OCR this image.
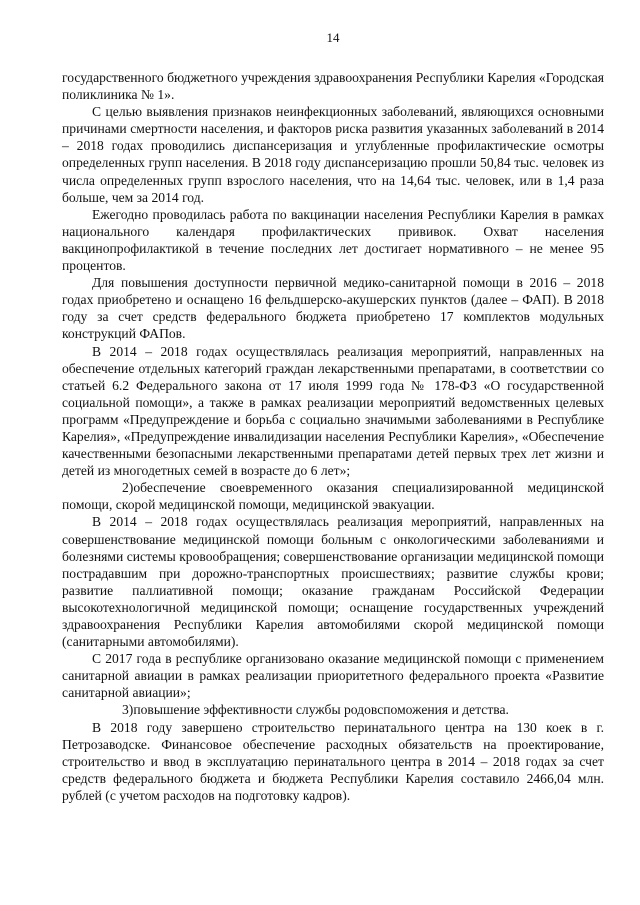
14

государственного бюджетного учреждения здравоохранения Республики Карелия «Городская поликлиника № 1».

С целью выявления признаков неинфекционных заболеваний, являющихся основными причинами смертности населения, и факторов риска развития указанных заболеваний в 2014 – 2018 годах проводились диспансеризация и углубленные профилактические осмотры определенных групп населения. В 2018 году диспансеризацию прошли 50,84 тыс. человек из числа определенных групп взрослого населения, что на 14,64 тыс. человек, или в 1,4 раза больше, чем за 2014 год.

Ежегодно проводилась работа по вакцинации населения Республики Карелия в рамках национального календаря профилактических прививок. Охват населения вакцинопрофилактикой в течение последних лет достигает нормативного – не менее 95 процентов.

Для повышения доступности первичной медико-санитарной помощи в 2016 – 2018 годах приобретено и оснащено 16 фельдшерско-акушерских пунктов (далее – ФАП). В 2018 году за счет средств федерального бюджета приобретено 17 комплектов модульных конструкций ФАПов.

В 2014 – 2018 годах осуществлялась реализация мероприятий, направленных на обеспечение отдельных категорий граждан лекарственными препаратами, в соответствии со статьей 6.2 Федерального закона от 17 июля 1999 года № 178-ФЗ «О государственной социальной помощи», а также в рамках реализации мероприятий ведомственных целевых программ «Предупреждение и борьба с социально значимыми заболеваниями в Республике Карелия», «Предупреждение инвалидизации населения Республики Карелия», «Обеспечение качественными безопасными лекарственными препаратами детей первых трех лет жизни и детей из многодетных семей в возрасте до 6 лет»;

2)обеспечение своевременного оказания специализированной медицинской помощи, скорой медицинской помощи, медицинской эвакуации.

В 2014 – 2018 годах осуществлялась реализация мероприятий, направленных на совершенствование медицинской помощи больным с онкологическими заболеваниями и болезнями системы кровообращения; совершенствование организации медицинской помощи пострадавшим при дорожно-транспортных происшествиях; развитие службы крови; развитие паллиативной помощи; оказание гражданам Российской Федерации высокотехнологичной медицинской помощи; оснащение государственных учреждений здравоохранения Республики Карелия автомобилями скорой медицинской помощи (санитарными автомобилями).

С 2017 года в республике организовано оказание медицинской помощи с применением санитарной авиации в рамках реализации приоритетного федерального проекта «Развитие санитарной авиации»;

3)повышение эффективности службы родовспоможения и детства.

В 2018 году завершено строительство перинатального центра на 130 коек в г. Петрозаводске. Финансовое обеспечение расходных обязательств на проектирование, строительство и ввод в эксплуатацию перинатального центра в 2014 – 2018 годах за счет средств федерального бюджета и бюджета Республики Карелия составило 2466,04 млн. рублей (с учетом расходов на подготовку кадров).
